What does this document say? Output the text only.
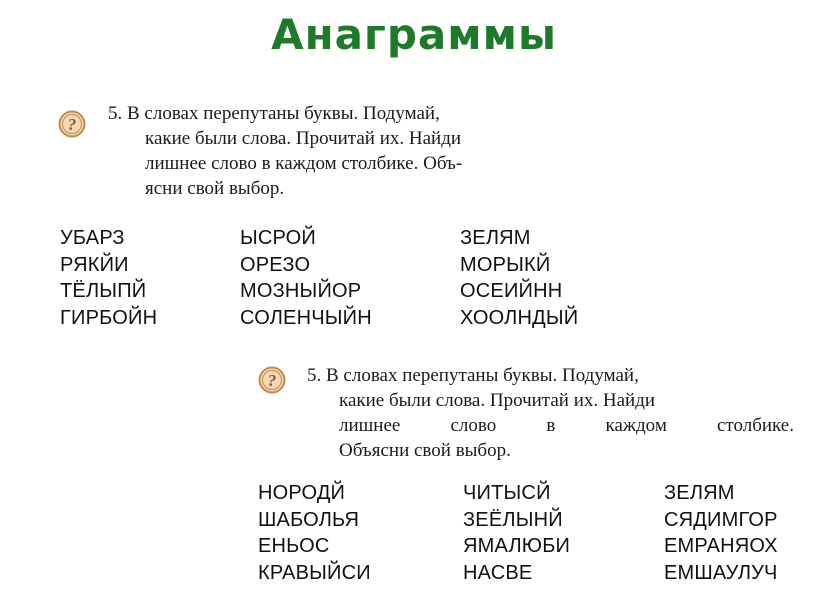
Анаграммы
?
5. В словах перепутаны буквы. Подумай,
какие были слова. Прочитай их. Найди
лишнее слово в каждом столбике. Объ-
ясни свой выбор.
УБАРЗ
РЯКЙИ
ТЁЛЫПЙ
ГИРБОЙН
ЫСРОЙ
ОРЕЗО
МОЗНЫЙОР
СОЛЕНЧЫЙН
ЗЕЛЯМ
МОРЫКЙ
ОСЕИЙНН
ХООЛНДЫЙ
? 5. В словах перепутаны буквы. Подумай,
какие были слова. Прочитай их. Найди
лишнее слово в каждом столбике.
Объясни свой выбор.
НОРОДЙ
ШАБОЛЬЯ
ЕНЬОС
КРАВЫЙСИ
ЧИТЫСЙ
ЗЕЁЛЫНЙ
ЯМАЛЮБИ
НАСВЕ
ЗЕЛЯМ
СЯДИМГОР
ЕМРАНЯОХ
ЕМШАУЛУЧ
